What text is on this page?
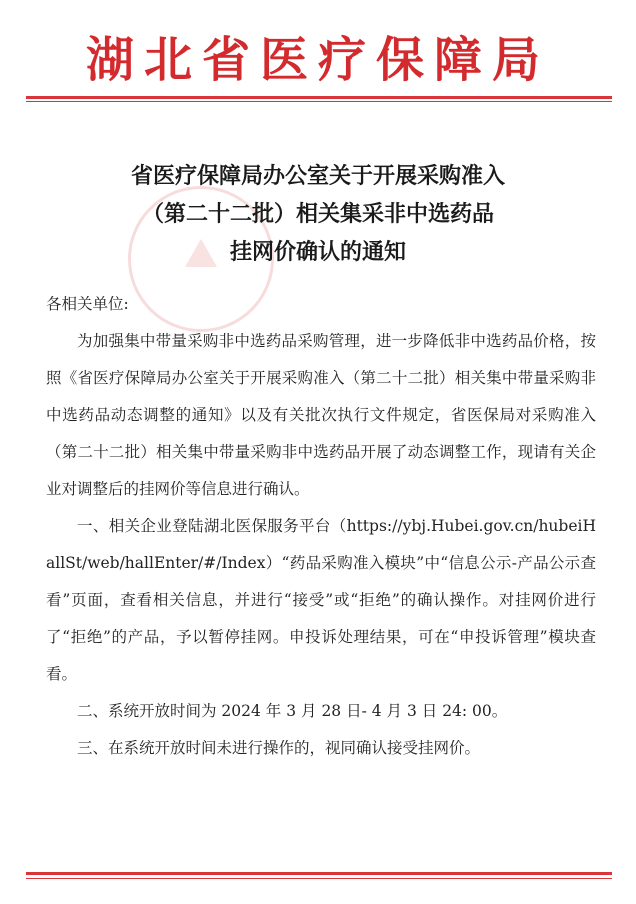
湖北省医疗保障局
省医疗保障局办公室关于开展采购准入
（第二十二批）相关集采非中选药品
挂网价确认的通知

各相关单位:

为加强集中带量采购非中选药品采购管理，进一步降低非中选药品价格，按照《省医疗保障局办公室关于开展采购准入（第二十二批）相关集中带量采购非中选药品动态调整的通知》以及有关批次执行文件规定，省医保局对采购准入（第二十二批）相关集中带量采购非中选药品开展了动态调整工作，现请有关企业对调整后的挂网价等信息进行确认。

一、相关企业登陆湖北医保服务平台（https://ybj.Hubei.gov.cn/hubeiHallSt/web/hallEnter/#/Index）“药品采购准入模块”中“信息公示-产品公示查看”页面，查看相关信息，并进行“接受”或“拒绝”的确认操作。对挂网价进行了“拒绝”的产品，予以暂停挂网。申投诉处理结果，可在“申投诉管理”模块查看。

二、系统开放时间为 2024 年 3 月 28 日- 4 月 3 日 24: 00。

三、在系统开放时间未进行操作的，视同确认接受挂网价。
